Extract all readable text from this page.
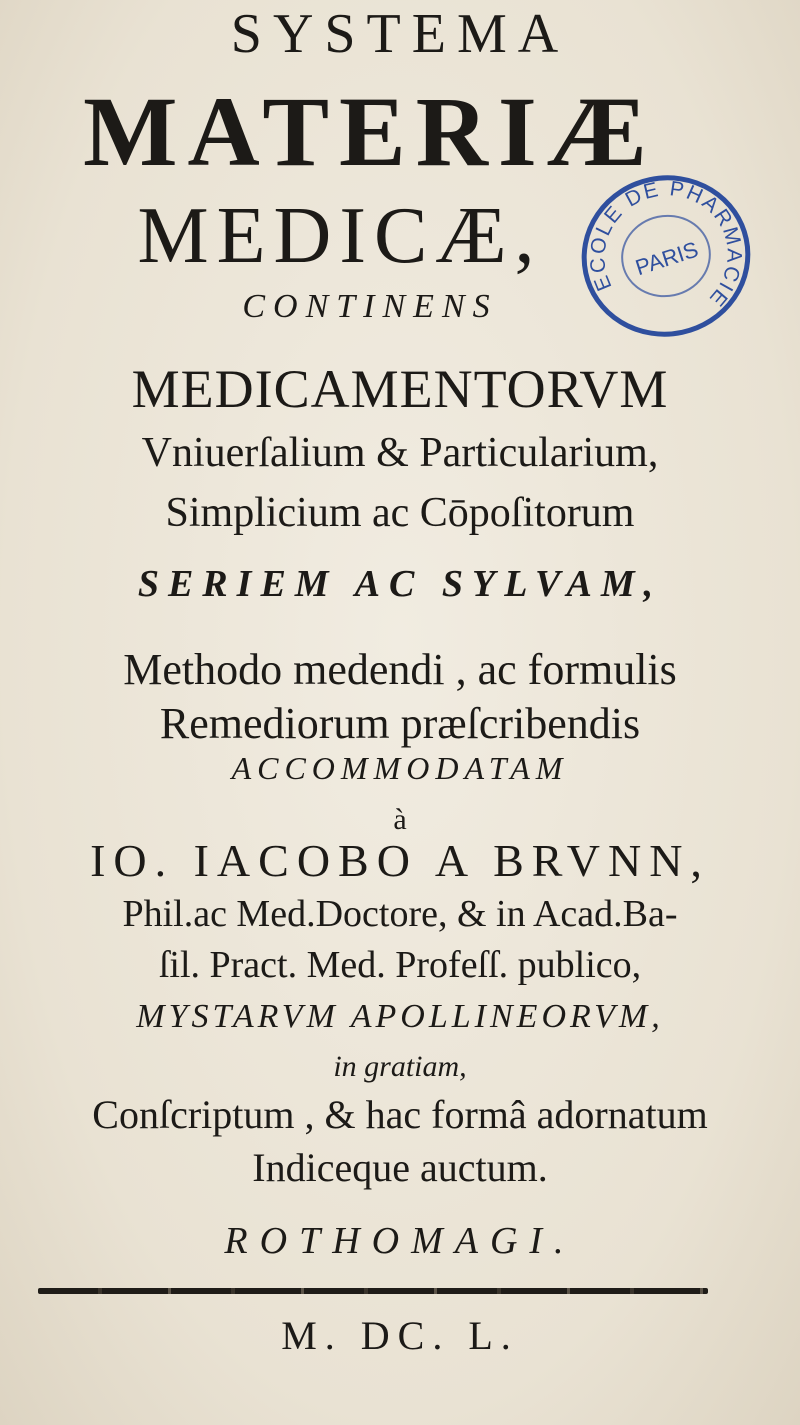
SYSTEMA

MATERIÆ

MEDICÆ,

CONTINENS

MEDICAMENTORVM

Vniuerſalium & Particularium,

Simplicium ac Cōpoſitorum

SERIEM AC SYLVAM,

Methodo medendi , ac formulis

Remediorum præſcribendis

ACCOMMODATAM

à

IO. IACOBO A BRVNN,

Phil.ac Med.Doctore, & in Acad.Ba-

ſil. Pract. Med. Profeſſ. publico,

MYSTARVM APOLLINEORVM,

in gratiam,

Conſcriptum , & hac formâ adornatum

Indiceque auctum.

ROTHOMAGI.

M. DC. L.

ECOLE DE PHARMACIE
PARIS
